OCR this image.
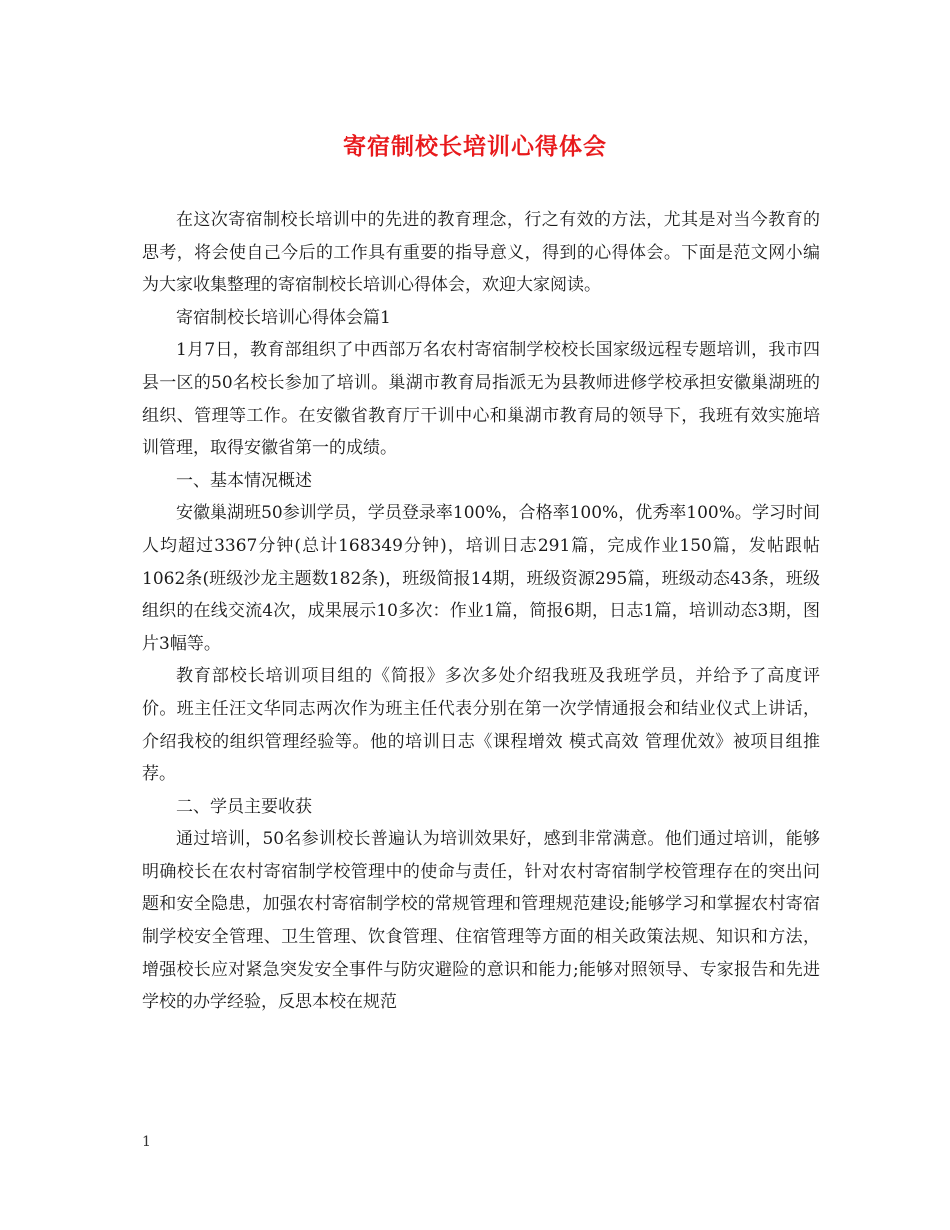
寄宿制校长培训心得体会

在这次寄宿制校长培训中的先进的教育理念，行之有效的方法，尤其是对当今教育的思考，将会使自己今后的工作具有重要的指导意义，得到的心得体会。下面是范文网小编为大家收集整理的寄宿制校长培训心得体会，欢迎大家阅读。

寄宿制校长培训心得体会篇1

1月7日，教育部组织了中西部万名农村寄宿制学校校长国家级远程专题培训，我市四县一区的50名校长参加了培训。巢湖市教育局指派无为县教师进修学校承担安徽巢湖班的组织、管理等工作。在安徽省教育厅干训中心和巢湖市教育局的领导下，我班有效实施培训管理，取得安徽省第一的成绩。

一、基本情况概述

安徽巢湖班50参训学员，学员登录率100%，合格率100%，优秀率100%。学习时间人均超过3367分钟(总计168349分钟)，培训日志291篇，完成作业150篇，发帖跟帖1062条(班级沙龙主题数182条)，班级简报14期，班级资源295篇，班级动态43条，班级组织的在线交流4次，成果展示10多次：作业1篇，简报6期，日志1篇，培训动态3期，图片3幅等。

教育部校长培训项目组的《简报》多次多处介绍我班及我班学员，并给予了高度评价。班主任汪文华同志两次作为班主任代表分别在第一次学情通报会和结业仪式上讲话，介绍我校的组织管理经验等。他的培训日志《课程增效 模式高效 管理优效》被项目组推荐。

二、学员主要收获

通过培训，50名参训校长普遍认为培训效果好，感到非常满意。他们通过培训，能够明确校长在农村寄宿制学校管理中的使命与责任，针对农村寄宿制学校管理存在的突出问题和安全隐患，加强农村寄宿制学校的常规管理和管理规范建设;能够学习和掌握农村寄宿制学校安全管理、卫生管理、饮食管理、住宿管理等方面的相关政策法规、知识和方法，增强校长应对紧急突发安全事件与防灾避险的意识和能力;能够对照领导、专家报告和先进学校的办学经验，反思本校在规范

1
